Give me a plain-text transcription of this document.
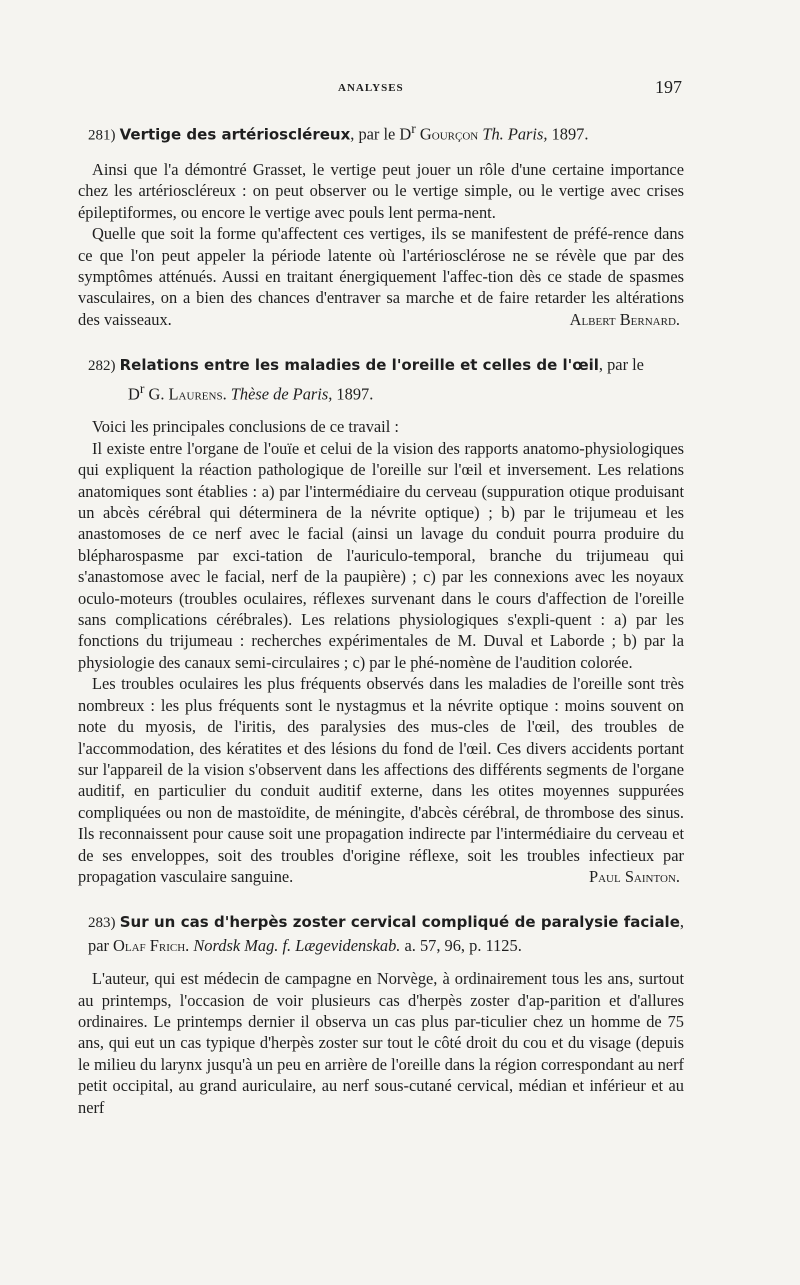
ANALYSES	197
281) Vertige des artérioscléreux, par le $D^r$ Gourçon Th. Paris, 1897.

Ainsi que l'a démontré Grasset, le vertige peut jouer un rôle d'une certaine importance chez les artérioscléreux : on peut observer ou le vertige simple, ou le vertige avec crises épileptiformes, ou encore le vertige avec pouls lent perma-nent.

Quelle que soit la forme qu'affectent ces vertiges, ils se manifestent de préfé-rence dans ce que l'on peut appeler la période latente où l'artériosclérose ne se révèle que par des symptômes atténués. Aussi en traitant énergiquement l'affec-tion dès ce stade de spasmes vasculaires, on a bien des chances d'entraver sa marche et de faire retarder les altérations des vaisseaux.	Albert Bernard.

282) Relations entre les maladies de l'oreille et celles de l'œil, par le
$D^r$ G. Laurens. Thèse de Paris, 1897.

Voici les principales conclusions de ce travail :

Il existe entre l'organe de l'ouïe et celui de la vision des rapports anatomo-physiologiques qui expliquent la réaction pathologique de l'oreille sur l'œil et inversement. Les relations anatomiques sont établies : a) par l'intermédiaire du cerveau (suppuration otique produisant un abcès cérébral qui déterminera de la névrite optique) ; b) par le trijumeau et les anastomoses de ce nerf avec le facial (ainsi un lavage du conduit pourra produire du blépharospasme par exci-tation de l'auriculo-temporal, branche du trijumeau qui s'anastomose avec le facial, nerf de la paupière) ; c) par les connexions avec les noyaux oculo-moteurs (troubles oculaires, réflexes survenant dans le cours d'affection de l'oreille sans complications cérébrales). Les relations physiologiques s'expli-quent : a) par les fonctions du trijumeau : recherches expérimentales de M. Duval et Laborde ; b) par la physiologie des canaux semi-circulaires ; c) par le phé-nomène de l'audition colorée.

Les troubles oculaires les plus fréquents observés dans les maladies de l'oreille sont très nombreux : les plus fréquents sont le nystagmus et la névrite optique : moins souvent on note du myosis, de l'iritis, des paralysies des mus-cles de l'œil, des troubles de l'accommodation, des kératites et des lésions du fond de l'œil. Ces divers accidents portant sur l'appareil de la vision s'observent dans les affections des différents segments de l'organe auditif, en particulier du conduit auditif externe, dans les otites moyennes suppurées compliquées ou non de mastoïdite, de méningite, d'abcès cérébral, de thrombose des sinus. Ils reconnaissent pour cause soit une propagation indirecte par l'intermédiaire du cerveau et de ses enveloppes, soit des troubles d'origine réflexe, soit les troubles infectieux par propagation vasculaire sanguine.	Paul Sainton.

283) Sur un cas d'herpès zoster cervical compliqué de paralysie faciale, par Olaf Frich. Nordsk Mag. f. Lægevidenskab. a. 57, 96, p. 1125.

L'auteur, qui est médecin de campagne en Norvège, à ordinairement tous les ans, surtout au printemps, l'occasion de voir plusieurs cas d'herpès zoster d'ap-parition et d'allures ordinaires. Le printemps dernier il observa un cas plus par-ticulier chez un homme de 75 ans, qui eut un cas typique d'herpès zoster sur tout le côté droit du cou et du visage (depuis le milieu du larynx jusqu'à un peu en arrière de l'oreille dans la région correspondant au nerf petit occipital, au grand auriculaire, au nerf sous-cutané cervical, médian et inférieur et au nerf
